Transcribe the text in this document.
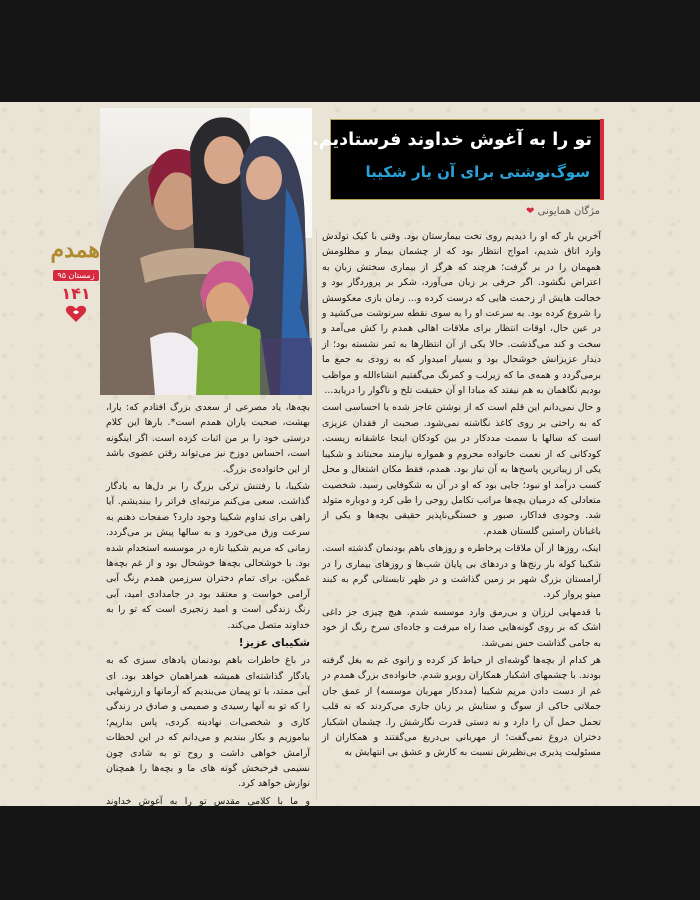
همدم
زمستان ۹۵
۱۴۱
تو را به آغوش خداوند فرستادیم...
سوگ‌نوشتی برای آن یار شکیبا
مژگان همایونی ❤

آخرین بار که او را دیدیم روی تخت بیمارستان بود. وقتی با کیک تولدش وارد اتاق شدیم، امواج انتظار بود که از چشمان بیمار و مظلومش همهمان را در بر گرفت؛ هرچند که هرگز از بیماری سختش زبان به اعتراض نگشود. اگر حرفی بر زبان می‌آورد، شکر بر پروردگار بود و خجالت هایش از زحمت هایی که درست کرده و... زمان بازی معکوسش را شروع کرده بود. به سرعت او را به سوی نقطه سرنوشت می‌کشید و در عین حال، اوقات انتظار برای ملاقات اهالی همدم را کش می‌آمد و سخت و کند می‌گذشت. حالا یکی از آن انتظارها به ثمر نشسته بود؛ از دیدار عزیزانش خوشحال بود و بسیار امیدوار که به زودی به جمع ما برمی‌گردد و همه‌ی ما که زیرلب و کمرنگ می‌گفتیم انشاءالله و مواظب بودیم نگاهمان به هم نیفتد که مبادا او آن حقیقت تلخ و ناگوار را دریابد...

و حال نمی‌دانم این قلم است که از نوشتن عاجز شده یا احساسی است که به راحتی بر روی کاغذ نگاشته نمی‌شود. صحبت از فقدان عزیزی است که سالها با سمت مددکار در بین کودکان اینجا عاشقانه زیست. کودکانی که از نعمت خانواده محروم و همواره نیازمند محبتاند و شکیبا یکی از زیباترین پاسخ‌ها به آن نیاز بود. همدم، فقط مکان اشتغال و محل کسب درآمد او نبود؛ جایی بود که او در آن به شکوفایی رسید. شخصیت متعادلی که درمیان بچه‌ها مراتب تکامل روحی را طی کرد و دوباره متولد شد. وجودی فداکار، صبور و خستگی‌ناپذیر حقیقی بچه‌ها و یکی از باغبانان راستین گلستان همدم.

اینک، روزها از آن ملاقات پرخاطره و روزهای باهم بودنمان گذشته است. شکیبا کوله بار رنج‌ها و دردهای بی پایان شب‌ها و روزهای بیماری را در آرامستان بزرگ شهر بر زمین گذاشت و در ظهر تابستانی گرم به کبند مینو پرواز کرد.

با قدمهایی لرزان و بی‌رمق وارد موسسه شدم. هیچ چیزی جز داغی اشک که بر روی گونه‌هایی صدا راه میرفت و جاده‌ای سرخ رنگ از خود به جامی گذاشت حس نمی‌شد.

هر کدام از بچه‌ها گوشه‌ای از حیاط کز کرده و زانوی غم به بغل گرفته بودند. با چشمهای اشکبار همکاران روبرو شدم. خانواده‌ی بزرگ همدم در غم از دست دادن مریم شکیبا (مددکار مهربان موسسه) از عمق جان جملاتی حاکی از سوگ و ستایش بر زبان جاری می‌کردند که نه قلب تحمل حمل آن را دارد و نه دستی قدرت نگارشش را. چشمان اشکبار دختران دروغ نمی‌گفت؛ از مهربانی بی‌دریغ می‌گفتند و همکاران از مسئولیت پذیری بی‌نظیرش نسبت به کارش و عشق بی انتهایش به

بچه‌ها، یاد مصرعی از سعدی بزرگ افتادم که: یارا، بهشت، صحبت یاران همدم است*. بارها این کلام درستی خود را بر من اثبات کرده است. اگر اینگونه است، احساس دوزخ نیز می‌تواند رقتن عضوی باشد از این خانواده‌ی بزرگ.

شکیبا، با رفتنش ترکی بزرگ را بر دل‌ها به یادگار گذاشت. سعی می‌کنم مرتبه‌ای فراتر را ببندیشم. آیا راهی برای تداوم شکیبا وجود دارد؟ صفحات ذهنم به سرعت ورق می‌خورد و به سالها پیش بر می‌گردد. زمانی که مریم شکیبا تازه در موسسه استخدام شده بود. با خوشحالی بچه‌ها خوشحال بود و از غم بچه‌ها غمگین. برای تمام دختران سرزمین همدم رنگ آبی آرامی خواست و معتقد بود در جامدادی امید، آبی رنگ زندگی است و امید زنجیری است که تو را به خداوند متصل می‌کند.

شکیبای عزیز!

در باغ خاطرات باهم بودنمان یادهای سبزی که به یادگار گذاشته‌ای همیشه همراهمان خواهد بود. ای آبی ممتد، با تو پیمان می‌بندیم که آرمانها و ارزشهایی را که تو به آنها رسیدی و صمیمی و صادق در زندگی کاری و شخصی‌ات نهادینه کردی، پاس بداریم؛ بیاموزیم و بکار ببندیم و می‌دانم که در این لحظات آرامش خواهی داشت و روح تو به شادی چون نسیمی فرحبخش گونه های ما و بچه‌ها را همچنان نوازش خواهد کرد.

و ما با کلامی مقدس تو را به آغوش خداوند فرستادیم که ساده بودی و صاف، معصوم آمدی و زلال رفتی...
